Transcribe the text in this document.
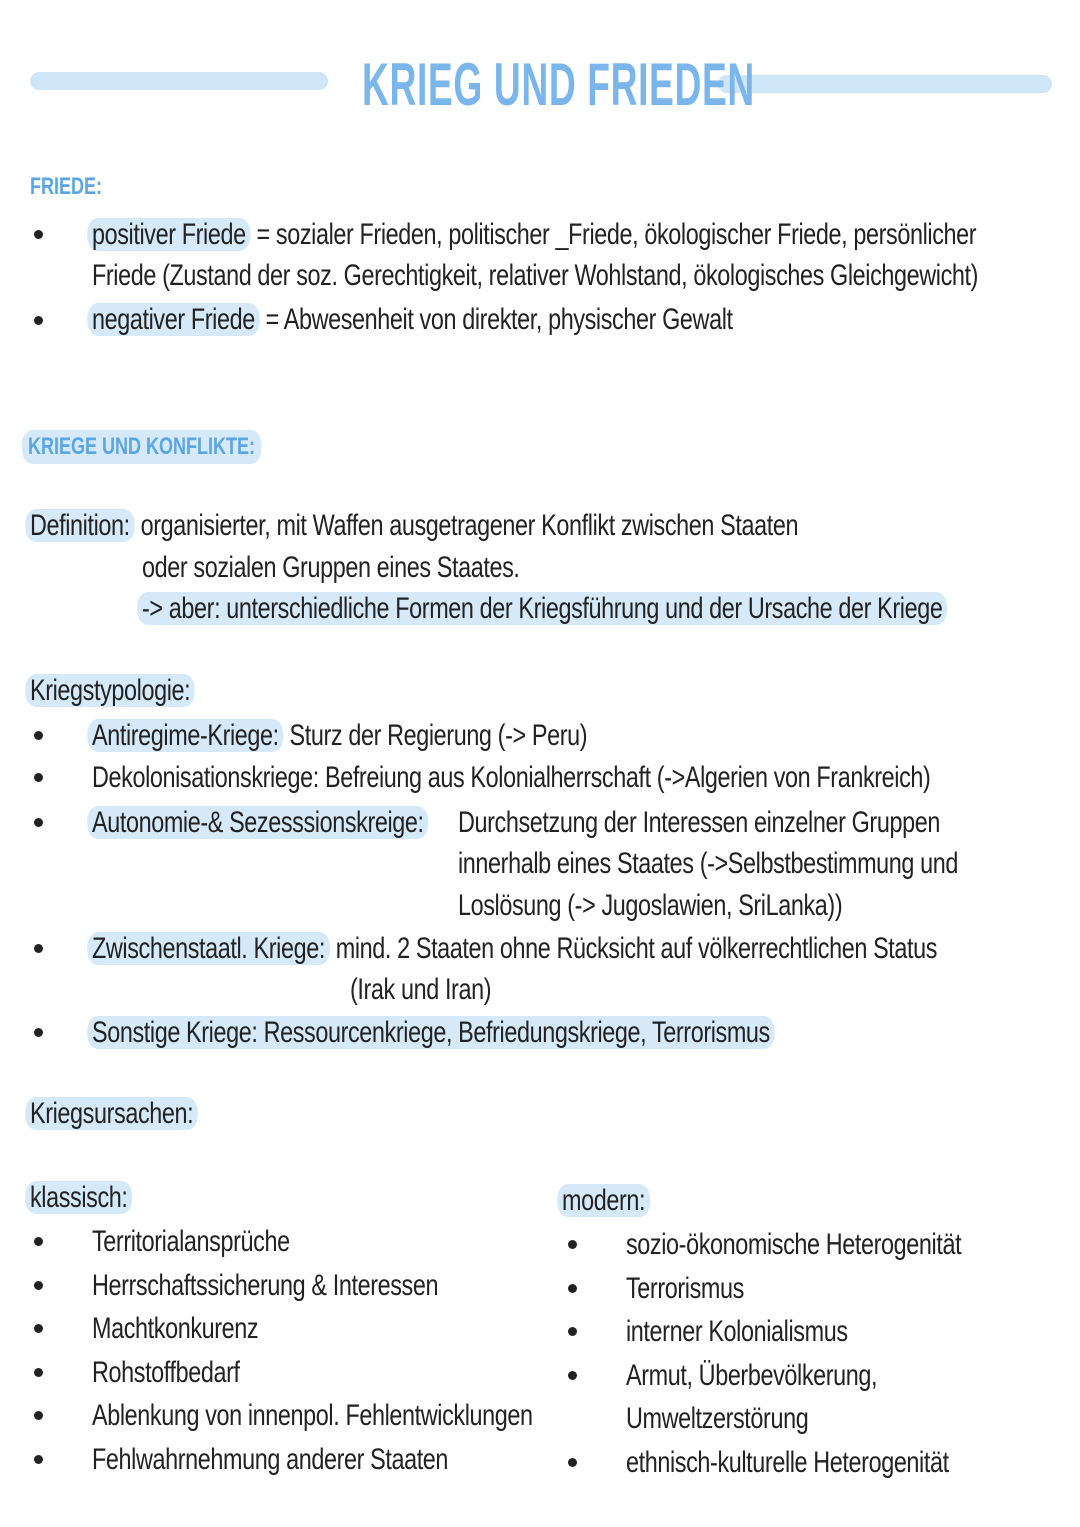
KRIEG UND FRIEDEN
FRIEDE:
positiver Friede = sozialer Frieden, politischer _Friede, ökologischer Friede, persönlicher
Friede (Zustand der soz. Gerechtigkeit, relativer Wohlstand, ökologisches Gleichgewicht)
negativer Friede = Abwesenheit von direkter, physischer Gewalt
KRIEGE UND KONFLIKTE:
Definition: organisierter, mit Waffen ausgetragener Konflikt zwischen Staaten
oder sozialen Gruppen eines Staates.
-> aber: unterschiedliche Formen der Kriegsführung und der Ursache der Kriege
Kriegstypologie:
Antiregime-Kriege: Sturz der Regierung (-> Peru)
Dekolonisationskriege: Befreiung aus Kolonialherrschaft (->Algerien von Frankreich)
Autonomie-& Sezesssionskreige: Durchsetzung der Interessen einzelner Gruppen
innerhalb eines Staates (->Selbstbestimmung und
Loslösung (-> Jugoslawien, SriLanka))
Zwischenstaatl. Kriege: mind. 2 Staaten ohne Rücksicht auf völkerrechtlichen Status
(Irak und Iran)
Sonstige Kriege: Ressourcenkriege, Befriedungskriege, Terrorismus
Kriegsursachen:
klassisch:	modern:
Territorialansprüche
Herrschaftssicherung & Interessen
Machtkonkurenz
Rohstoffbedarf
Ablenkung von innenpol. Fehlentwicklungen
Fehlwahrnehmung anderer Staaten
sozio-ökonomische Heterogenität
Terrorismus
interner Kolonialismus
Armut, Überbevölkerung,
Umweltzerstörung
ethnisch-kulturelle Heterogenität
